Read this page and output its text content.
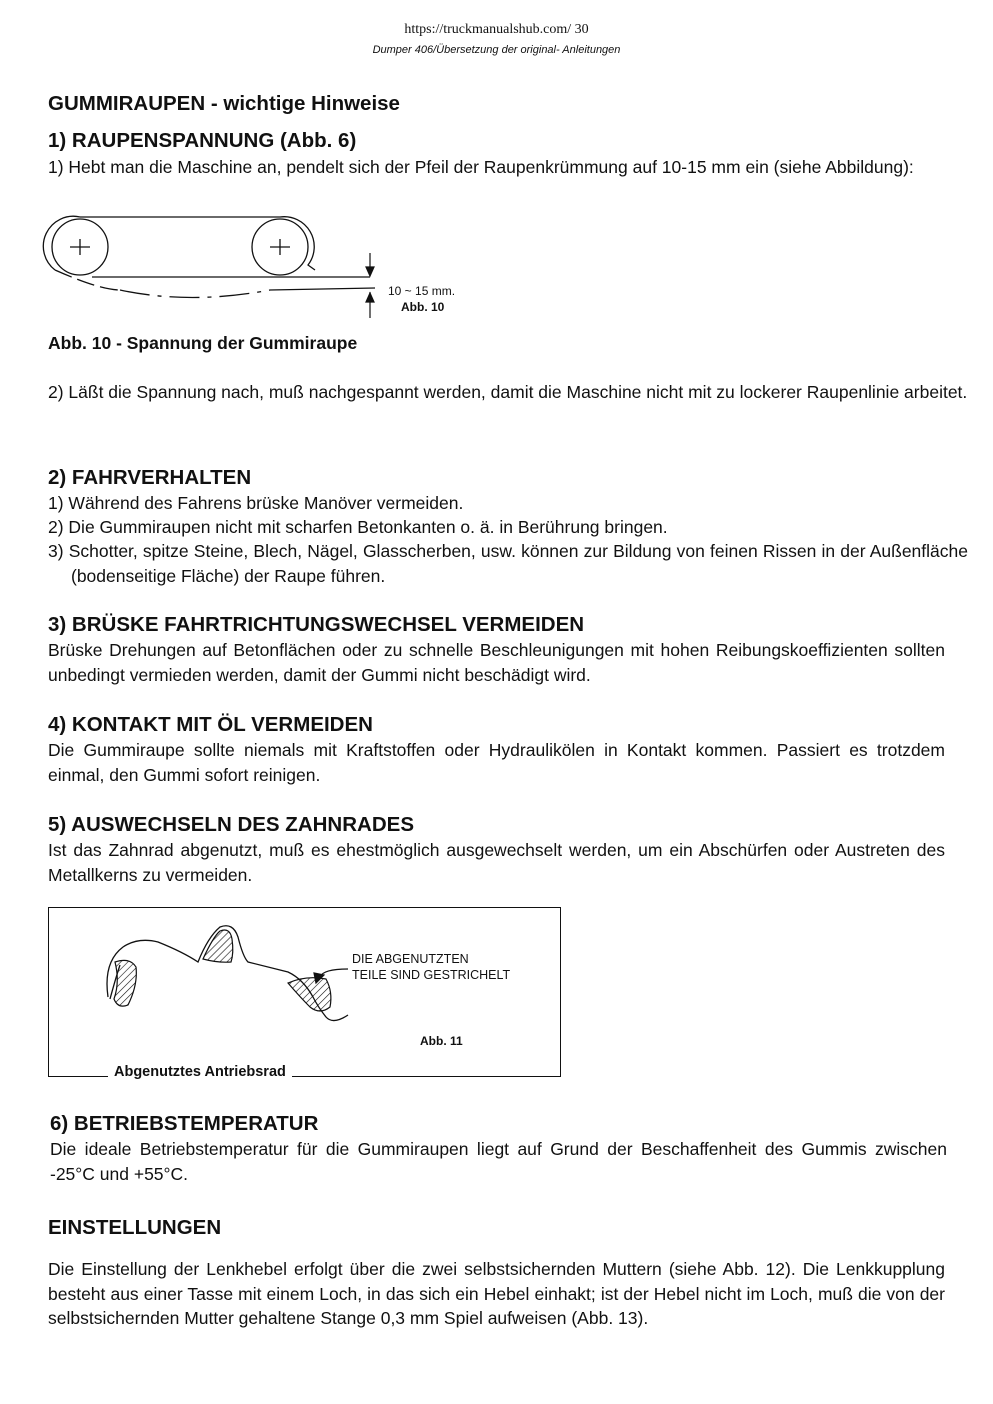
https://truckmanualshub.com/ 30
Dumper 406/Übersetzung der original- Anleitungen
GUMMIRAUPEN - wichtige Hinweise
1) RAUPENSPANNUNG (Abb. 6)
1) Hebt man die Maschine an, pendelt sich der Pfeil der Raupenkrümmung auf 10-15 mm ein (siehe Abbildung):
10 ~ 15 mm.
Abb. 10
Abb. 10 - Spannung der Gummiraupe
2) Läßt die Spannung nach, muß nachgespannt werden, damit die Maschine nicht mit zu lockerer Raupenlinie arbeitet.
2) FAHRVERHALTEN
1) Während des Fahrens brüske Manöver vermeiden.
2) Die Gummiraupen nicht mit scharfen Betonkanten o. ä. in Berührung bringen.
3) Schotter, spitze Steine, Blech, Nägel, Glasscherben, usw. können zur Bildung von feinen Rissen in der Außenfläche (bodenseitige Fläche) der Raupe führen.
3) BRÜSKE FAHRTRICHTUNGSWECHSEL VERMEIDEN
Brüske Drehungen auf Betonflächen oder zu schnelle Beschleunigungen mit hohen Reibungskoeffizienten sollten unbedingt vermieden werden, damit der Gummi nicht beschädigt wird.
4) KONTAKT MIT ÖL VERMEIDEN
Die Gummiraupe sollte niemals mit Kraftstoffen oder Hydraulikölen in Kontakt kommen. Passiert es trotzdem einmal, den Gummi sofort reinigen.
5) AUSWECHSELN DES ZAHNRADES
Ist das Zahnrad abgenutzt, muß es ehestmöglich ausgewechselt werden, um ein Abschürfen oder Austreten des Metallkerns zu vermeiden.
DIE ABGENUTZTEN
TEILE SIND GESTRICHELT
Abb. 11
Abgenutztes Antriebsrad
6) BETRIEBSTEMPERATUR
Die ideale Betriebstemperatur für die Gummiraupen liegt auf Grund der Beschaffenheit des Gummis zwischen -25°C und +55°C.
EINSTELLUNGEN
Die Einstellung der Lenkhebel erfolgt über die zwei selbstsichernden Muttern (siehe Abb. 12). Die Lenkkupplung besteht aus einer Tasse mit einem Loch, in das sich ein Hebel einhakt; ist der Hebel nicht im Loch, muß die von der selbstsichernden Mutter gehaltene Stange 0,3 mm Spiel aufweisen (Abb. 13).
